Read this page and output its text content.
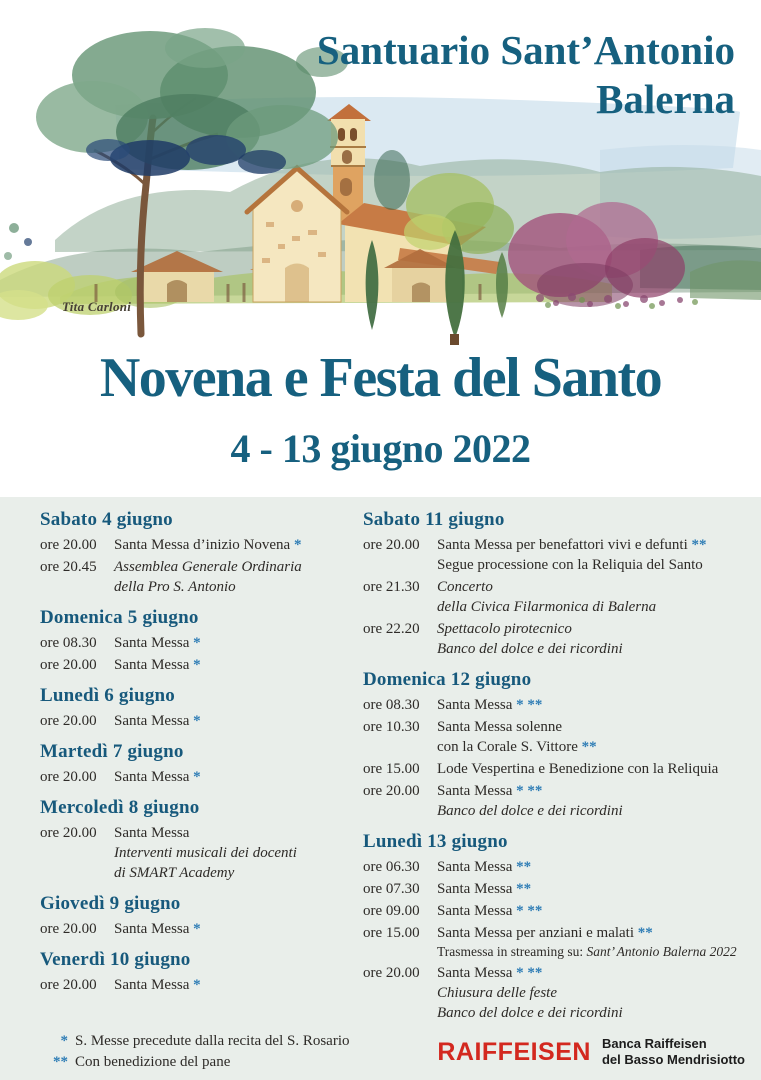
Tita Carloni
Santuario Sant’Antonio
Balerna
Novena e Festa del Santo
4 - 13 giugno 2022
Sabato 4 giugno
ore 20.00	Santa Messa d’inizio Novena *
ore 20.45	Assemblea Generale Ordinaria
della Pro S. Antonio
Domenica 5 giugno
ore 08.30	Santa Messa *
ore 20.00	Santa Messa *
Lunedì 6 giugno
ore 20.00	Santa Messa *
Martedì 7 giugno
ore 20.00	Santa Messa *
Mercoledì 8 giugno
ore 20.00	Santa Messa
Interventi musicali dei docenti
di SMART Academy
Giovedì 9 giugno
ore 20.00	Santa Messa *
Venerdì 10 giugno
ore 20.00	Santa Messa *
Sabato 11 giugno
ore 20.00	Santa Messa per benefattori vivi e defunti **
Segue processione con la Reliquia del Santo
ore 21.30	Concerto
della Civica Filarmonica di Balerna
ore 22.20	Spettacolo pirotecnico
Banco del dolce e dei ricordini
Domenica 12 giugno
ore 08.30	Santa Messa * **
ore 10.30	Santa Messa solenne
con la Corale S. Vittore **
ore 15.00	Lode Vespertina e Benedizione con la Reliquia
ore 20.00	Santa Messa * **
Banco del dolce e dei ricordini
Lunedì 13 giugno
ore 06.30	Santa Messa **
ore 07.30	Santa Messa **
ore 09.00	Santa Messa * **
ore 15.00	Santa Messa per anziani e malati **
Trasmessa in streaming su: Sant’ Antonio Balerna 2022
ore 20.00	Santa Messa * **
Chiusura delle feste
Banco del dolce e dei ricordini
* S. Messe precedute dalla recita del S. Rosario
** Con benedizione del pane	RAIFFEISEN Banca Raiffeisen
del Basso Mendrisiotto
